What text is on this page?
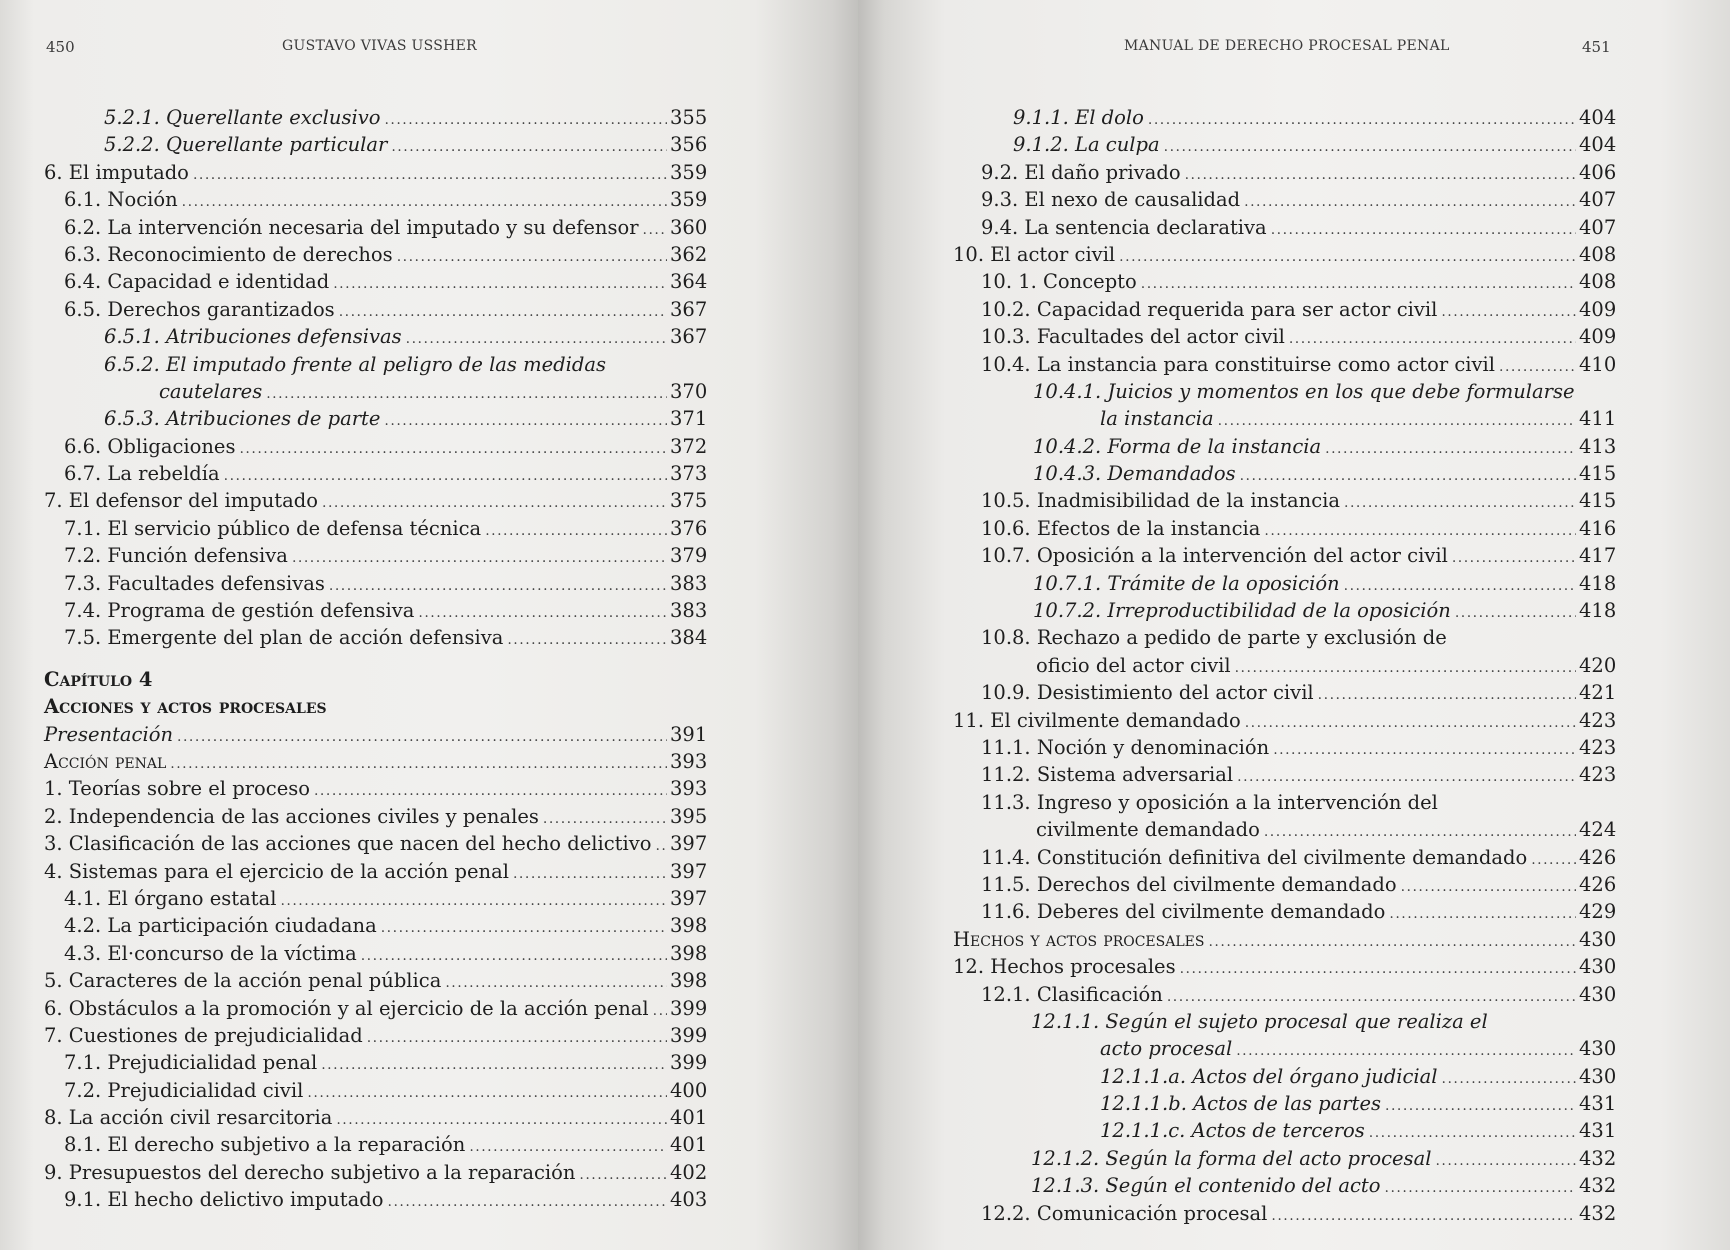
450	GUSTAVO VIVAS USSHER
5.2.1. Querellante exclusivo .....	355
5.2.2. Querellante particular .....	356
6. El imputado .....	359
6.1. Noción .....	359
6.2. La intervención necesaria del imputado y su defensor ..... 360
6.3. Reconocimiento de derechos .....	362
6.4. Capacidad e identidad .....	364
6.5. Derechos garantizados .....	367
6.5.1. Atribuciones defensivas .....	367
6.5.2. El imputado frente al peligro de las medidas
cautelares .....	370
6.5.3. Atribuciones de parte .....	371
6.6. Obligaciones .....	372
6.7. La rebeldía .....	373
7. El defensor del imputado .....	375
7.1. El servicio público de defensa técnica .....	376
7.2. Función defensiva .....	379
7.3. Facultades defensivas .....	383
7.4. Programa de gestión defensiva .....	383
7.5. Emergente del plan de acción defensiva .....	384
Capítulo 4
Acciones y actos procesales
Presentación .....	391
Acción penal .....	393
1. Teorías sobre el proceso .....	393
2. Independencia de las acciones civiles y penales .....	395
3. Clasificación de las acciones que nacen del hecho delictivo ..... 397
4. Sistemas para el ejercicio de la acción penal .....	397
4.1. El órgano estatal .....	397
4.2. La participación ciudadana .....	398
4.3. El·concurso de la víctima .....	398
5. Caracteres de la acción penal pública .....	398
6. Obstáculos a la promoción y al ejercicio de la acción penal ..... 399
7. Cuestiones de prejudicialidad .....	399
7.1. Prejudicialidad penal .....	399
7.2. Prejudicialidad civil .....	400
8. La acción civil resarcitoria .....	401
8.1. El derecho subjetivo a la reparación .....	401
9. Presupuestos del derecho subjetivo a la reparación .....	402
9.1. El hecho delictivo imputado .....	403
MANUAL DE DERECHO PROCESAL PENAL	451
9.1.1. El dolo .....	404
9.1.2. La culpa .....	404
9.2. El daño privado .....	406
9.3. El nexo de causalidad .....	407
9.4. La sentencia declarativa .....	407
10. El actor civil .....	408
10. 1. Concepto .....	408
10.2. Capacidad requerida para ser actor civil .....	409
10.3. Facultades del actor civil .....	409
10.4. La instancia para constituirse como actor civil .....	410
10.4.1. Juicios y momentos en los que debe formularse
la instancia .....	411
10.4.2. Forma de la instancia .....	413
10.4.3. Demandados .....	415
10.5. Inadmisibilidad de la instancia .....	415
10.6. Efectos de la instancia .....	416
10.7. Oposición a la intervención del actor civil .....	417
10.7.1. Trámite de la oposición .....	418
10.7.2. Irreproductibilidad de la oposición .....	418
10.8. Rechazo a pedido de parte y exclusión de
oficio del actor civil .....	420
10.9. Desistimiento del actor civil .....	421
11. El civilmente demandado .....	423
11.1. Noción y denominación .....	423
11.2. Sistema adversarial .....	423
11.3. Ingreso y oposición a la intervención del
civilmente demandado .....	424
11.4. Constitución definitiva del civilmente demandado .....	426
11.5. Derechos del civilmente demandado .....	426
11.6. Deberes del civilmente demandado .....	429
Hechos y actos procesales .....	430
12. Hechos procesales .....	430
12.1. Clasificación .....	430
12.1.1. Según el sujeto procesal que realiza el
acto procesal .....	430
12.1.1.a. Actos del órgano judicial .....	430
12.1.1.b. Actos de las partes .....	431
12.1.1.c. Actos de terceros .....	431
12.1.2. Según la forma del acto procesal .....	432
12.1.3. Según el contenido del acto .....	432
12.2. Comunicación procesal .....	432
